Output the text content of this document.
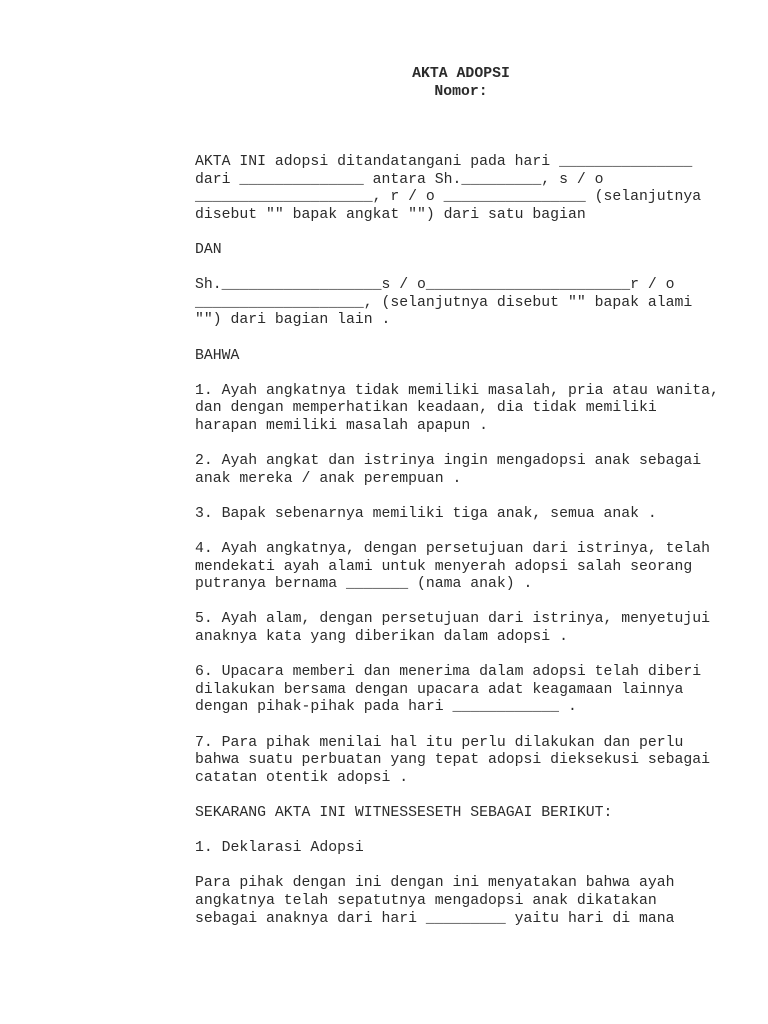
AKTA ADOPSI
Nomor:

AKTA INI adopsi ditandatangani pada hari _______________
dari ______________ antara Sh._________, s / o
____________________, r / o ________________ (selanjutnya
disebut "" bapak angkat "") dari satu bagian

DAN

Sh.__________________s / o_______________________r / o
___________________, (selanjutnya disebut "" bapak alami
"") dari bagian lain .

BAHWA

1. Ayah angkatnya tidak memiliki masalah, pria atau wanita,
dan dengan memperhatikan keadaan, dia tidak memiliki
harapan memiliki masalah apapun .

2. Ayah angkat dan istrinya ingin mengadopsi anak sebagai
anak mereka / anak perempuan .

3. Bapak sebenarnya memiliki tiga anak, semua anak .

4. Ayah angkatnya, dengan persetujuan dari istrinya, telah
mendekati ayah alami untuk menyerah adopsi salah seorang
putranya bernama _______ (nama anak) .

5. Ayah alam, dengan persetujuan dari istrinya, menyetujui
anaknya kata yang diberikan dalam adopsi .

6. Upacara memberi dan menerima dalam adopsi telah diberi
dilakukan bersama dengan upacara adat keagamaan lainnya
dengan pihak-pihak pada hari ____________ .

7. Para pihak menilai hal itu perlu dilakukan dan perlu
bahwa suatu perbuatan yang tepat adopsi dieksekusi sebagai
catatan otentik adopsi .

SEKARANG AKTA INI WITNESSESETH SEBAGAI BERIKUT:

1. Deklarasi Adopsi

Para pihak dengan ini dengan ini menyatakan bahwa ayah
angkatnya telah sepatutnya mengadopsi anak dikatakan
sebagai anaknya dari hari _________ yaitu hari di mana
